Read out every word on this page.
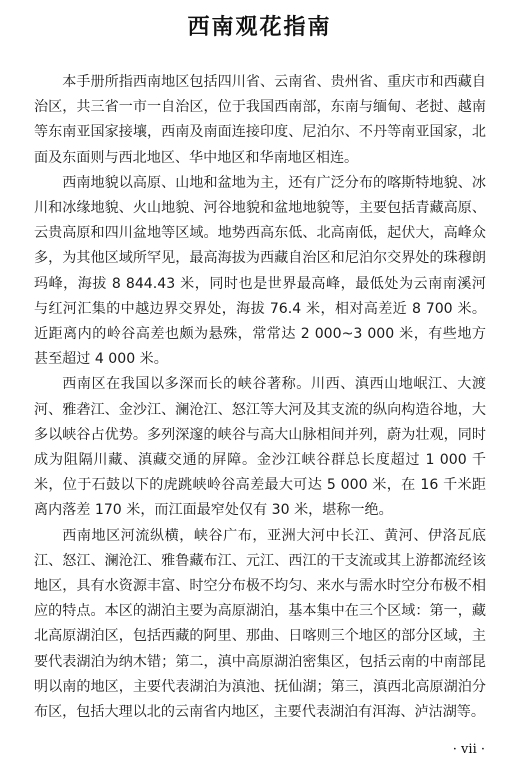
西南观花指南

本手册所指西南地区包括四川省、云南省、贵州省、重庆市和西藏自治区，共三省一市一自治区，位于我国西南部，东南与缅甸、老挝、越南等东南亚国家接壤，西南及南面连接印度、尼泊尔、不丹等南亚国家，北面及东面则与西北地区、华中地区和华南地区相连。

西南地貌以高原、山地和盆地为主，还有广泛分布的喀斯特地貌、冰川和冰缘地貌、火山地貌、河谷地貌和盆地地貌等，主要包括青藏高原、云贵高原和四川盆地等区域。地势西高东低、北高南低，起伏大，高峰众多，为其他区域所罕见，最高海拔为西藏自治区和尼泊尔交界处的珠穆朗玛峰，海拔 8 844.43 米，同时也是世界最高峰，最低处为云南南溪河与红河汇集的中越边界交界处，海拔 76.4 米，相对高差近 8 700 米。近距离内的岭谷高差也颇为悬殊，常常达 2 000~3 000 米，有些地方甚至超过 4 000 米。

西南区在我国以多深而长的峡谷著称。川西、滇西山地岷江、大渡河、雅砻江、金沙江、澜沧江、怒江等大河及其支流的纵向构造谷地，大多以峡谷占优势。多列深邃的峡谷与高大山脉相间并列，蔚为壮观，同时成为阻隔川藏、滇藏交通的屏障。金沙江峡谷群总长度超过 1 000 千米，位于石鼓以下的虎跳峡岭谷高差最大可达 5 000 米，在 16 千米距离内落差 170 米，而江面最窄处仅有 30 米，堪称一绝。

西南地区河流纵横，峡谷广布，亚洲大河中长江、黄河、伊洛瓦底江、怒江、澜沧江、雅鲁藏布江、元江、西江的干支流或其上游都流经该地区，具有水资源丰富、时空分布极不均匀、来水与需水时空分布极不相应的特点。本区的湖泊主要为高原湖泊，基本集中在三个区域：第一，藏北高原湖泊区，包括西藏的阿里、那曲、日喀则三个地区的部分区域，主要代表湖泊为纳木错；第二，滇中高原湖泊密集区，包括云南的中南部昆明以南的地区，主要代表湖泊为滇池、抚仙湖；第三，滇西北高原湖泊分布区，包括大理以北的云南省内地区，主要代表湖泊有洱海、泸沽湖等。

· vii ·
